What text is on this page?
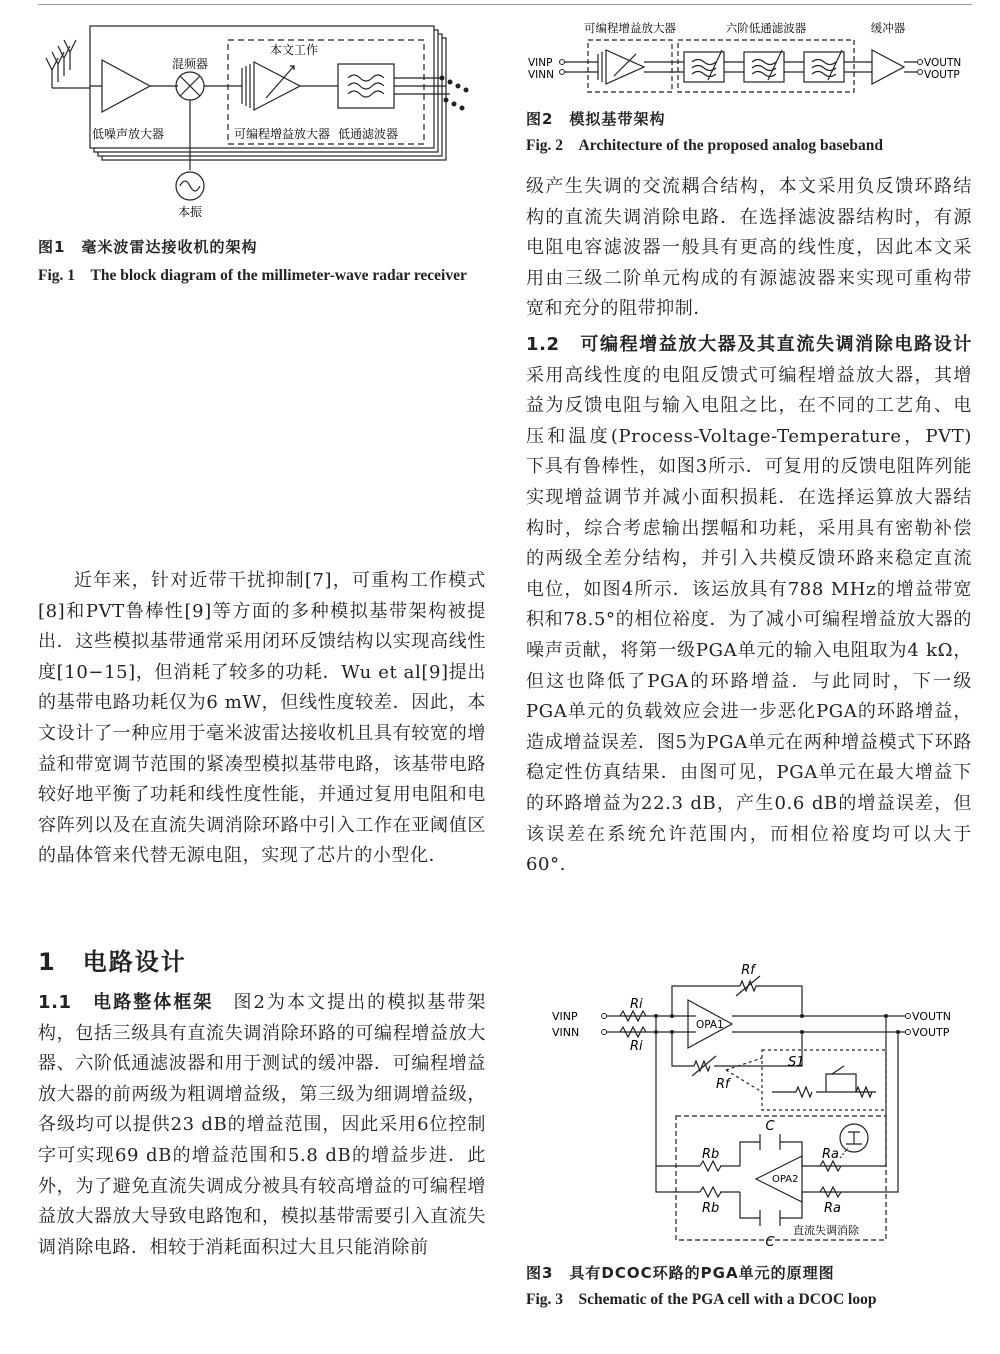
混频器
本文工作
低噪声放大器	可编程增益放大器 低通滤波器
本振
图1　毫米波雷达接收机的架构
Fig. 1　The block diagram of the millimeter-wave radar receiver

近年来，针对近带干扰抑制[7]，可重构工作模式[8]和PVT鲁棒性[9]等方面的多种模拟基带架构被提出．这些模拟基带通常采用闭环反馈结构以实现高线性度[10−15]，但消耗了较多的功耗．Wu et al[9]提出的基带电路功耗仅为6 mW，但线性度较差．因此，本文设计了一种应用于毫米波雷达接收机且具有较宽的增益和带宽调节范围的紧凑型模拟基带电路，该基带电路较好地平衡了功耗和线性度性能，并通过复用电阻和电容阵列以及在直流失调消除环路中引入工作在亚阈值区的晶体管来代替无源电阻，实现了芯片的小型化．

1　电路设计

1.1　电路整体框架　 图2为本文提出的模拟基带架构，包括三级具有直流失调消除环路的可编程增益放大器、六阶低通滤波器和用于测试的缓冲器．可编程增益放大器的前两级为粗调增益级，第三级为细调增益级，各级均可以提供23 dB的增益范围，因此采用6位控制字可实现69 dB的增益范围和5.8 dB的增益步进．此外，为了避免直流失调成分被具有较高增益的可编程增益放大器放大导致电路饱和，模拟基带需要引入直流失调消除电路．相较于消耗面积过大且只能消除前

可编程增益放大器	六阶低通滤波器	缓冲器
VINP
VINN
VOUTN
VOUTP
图2　模拟基带架构
Fig. 2　Architecture of the proposed analog baseband

级产生失调的交流耦合结构，本文采用负反馈环路结构的直流失调消除电路．在选择滤波器结构时，有源电阻电容滤波器一般具有更高的线性度，因此本文采用由三级二阶单元构成的有源滤波器来实现可重构带宽和充分的阻带抑制．

1.2　可编程增益放大器及其直流失调消除电路设计　采用高线性度的电阻反馈式可编程增益放大器，其增益为反馈电阻与输入电阻之比，在不同的工艺角、电压和温度(Process-Voltage-Temperature，PVT)下具有鲁棒性，如图3所示．可复用的反馈电阻阵列能实现增益调节并减小面积损耗．在选择运算放大器结构时，综合考虑输出摆幅和功耗，采用具有密勒补偿的两级全差分结构，并引入共模反馈环路来稳定直流电位，如图4所示．该运放具有788 MHz的增益带宽积和78.5°的相位裕度．为了减小可编程增益放大器的噪声贡献，将第一级PGA单元的输入电阻取为4 kΩ，但这也降低了PGA的环路增益．与此同时，下一级PGA单元的负载效应会进一步恶化PGA的环路增益，造成增益误差．图5为PGA单元在两种增益模式下环路稳定性仿真结果．由图可见，PGA单元在最大增益下的环路增益为22.3 dB，产生0.6 dB的增益误差，但该误差在系统允许范围内，而相位裕度均可以大于60°.

Rf
Rf
Ri
Ri
OPA1
OPA2
S1
C
C
Rb
Rb
Ra
Ra
VINP
VINN
VOUTN
VOUTP
直流失调消除
图3　具有DCOC环路的PGA单元的原理图
Fig. 3　Schematic of the PGA cell with a DCOC loop
